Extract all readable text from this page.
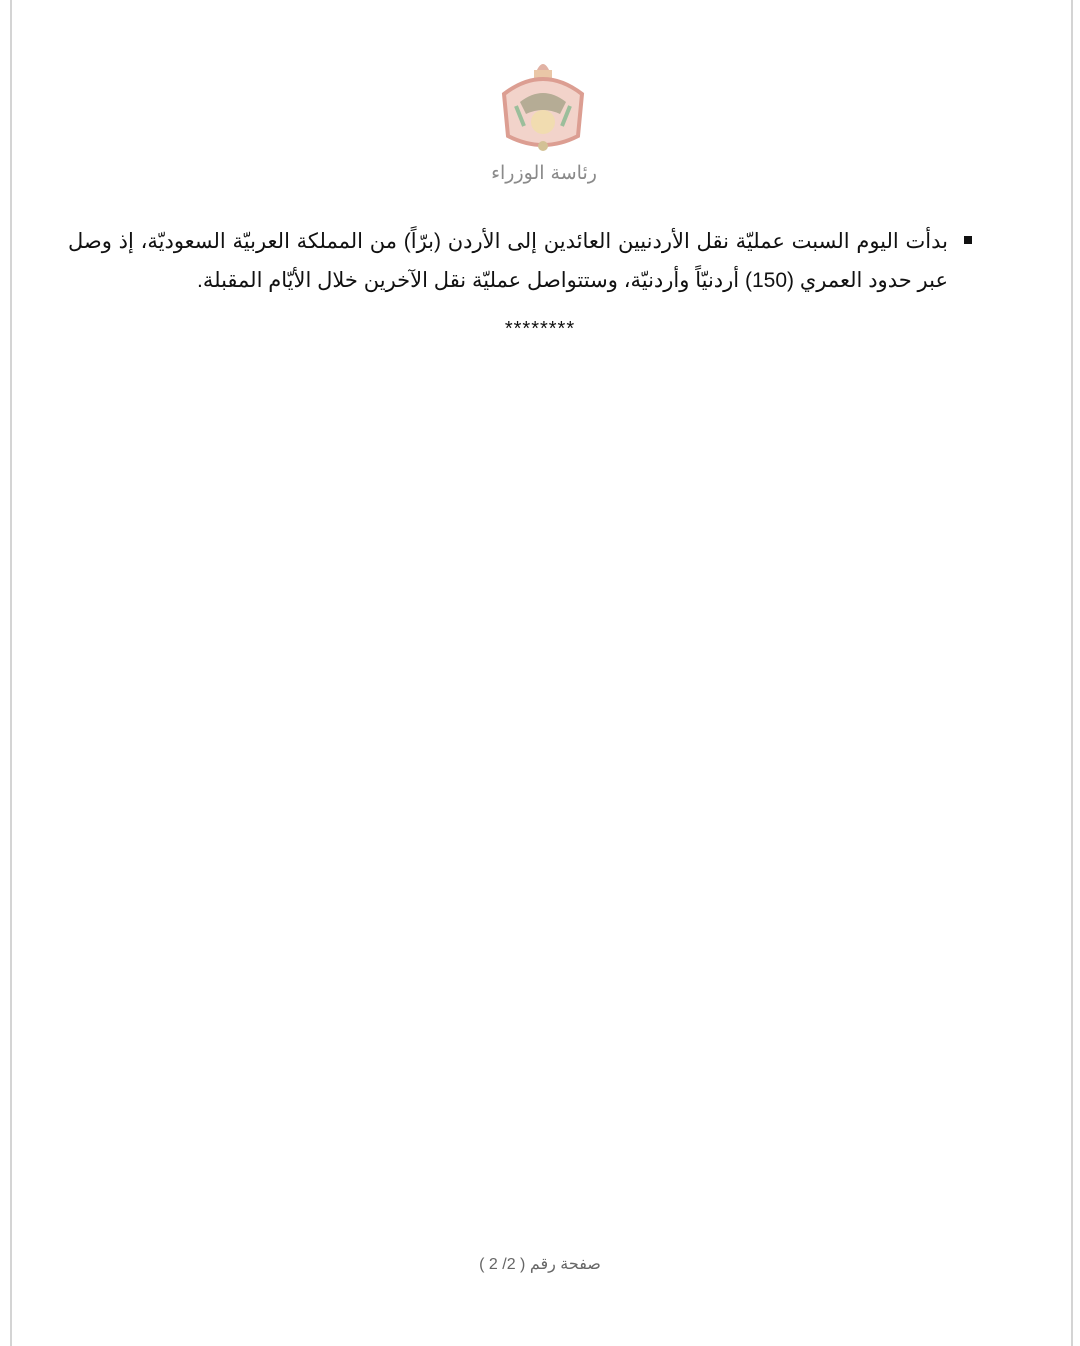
رئاسة الوزراء
بدأت اليوم السبت عمليّة نقل الأردنيين العائدين إلى الأردن (برّاً) من المملكة العربيّة السعوديّة، إذ وصل عبر حدود العمري (150) أردنيّاً وأردنيّة، وستتواصل عمليّة نقل الآخرين خلال الأيّام المقبلة.
********
صفحة رقم ( 2/ 2 )
